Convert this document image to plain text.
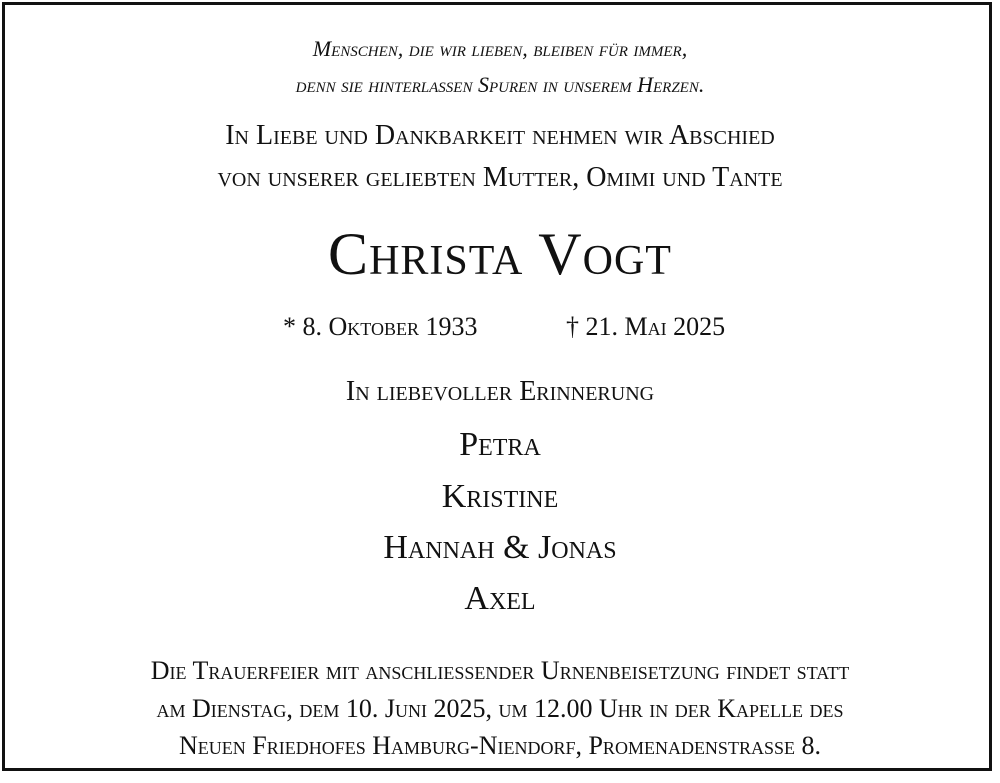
Menschen, die wir lieben, bleiben für immer,
denn sie hinterlassen Spuren in unserem Herzen.
In Liebe und Dankbarkeit nehmen wir Abschied
von unserer geliebten Mutter, Omimi und Tante
Christa Vogt
* 8. Oktober 1933	† 21. Mai 2025
In liebevoller Erinnerung
Petra
Kristine
Hannah & Jonas
Axel
Die Trauerfeier mit anschliessender Urnenbeisetzung findet statt
am Dienstag, dem 10. Juni 2025, um 12.00 Uhr in der Kapelle des
Neuen Friedhofes Hamburg-Niendorf, Promenadenstrasse 8.
